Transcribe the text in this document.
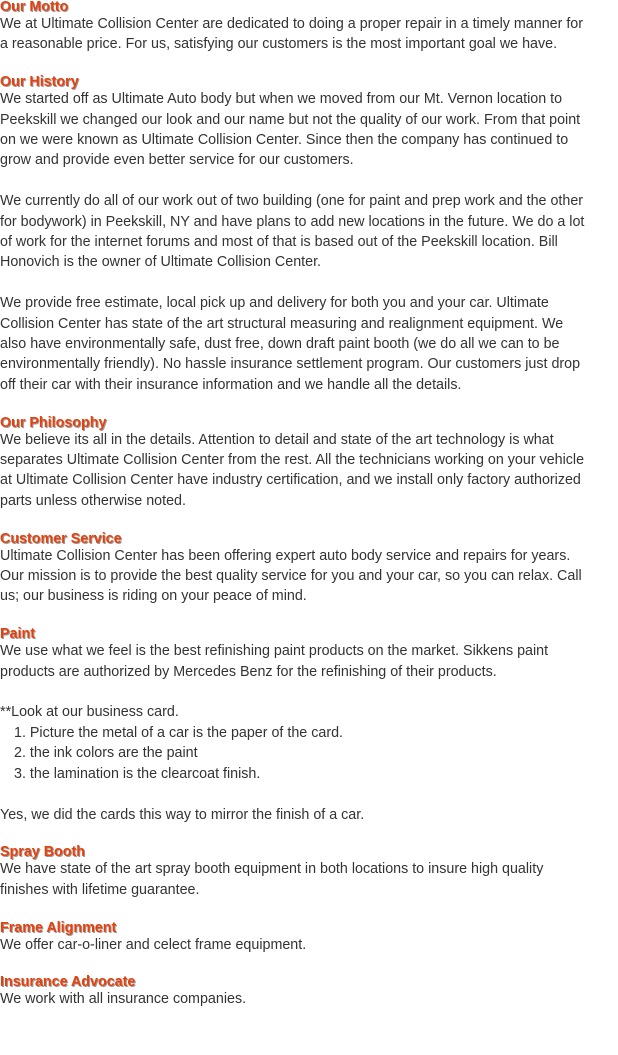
Our Motto

We at Ultimate Collision Center are dedicated to doing a proper repair in a timely manner for
a reasonable price. For us, satisfying our customers is the most important goal we have.

Our History

We started off as Ultimate Auto body but when we moved from our Mt. Vernon location to
Peekskill we changed our look and our name but not the quality of our work. From that point
on we were known as Ultimate Collision Center. Since then the company has continued to
grow and provide even better service for our customers.

We currently do all of our work out of two building (one for paint and prep work and the other
for bodywork) in Peekskill, NY and have plans to add new locations in the future. We do a lot
of work for the internet forums and most of that is based out of the Peekskill location. Bill
Honovich is the owner of Ultimate Collision Center.

We provide free estimate, local pick up and delivery for both you and your car. Ultimate
Collision Center has state of the art structural measuring and realignment equipment. We
also have environmentally safe, dust free, down draft paint booth (we do all we can to be
environmentally friendly). No hassle insurance settlement program. Our customers just drop
off their car with their insurance information and we handle all the details.

Our Philosophy

We believe its all in the details. Attention to detail and state of the art technology is what
separates Ultimate Collision Center from the rest. All the technicians working on your vehicle
at Ultimate Collision Center have industry certification, and we install only factory authorized
parts unless otherwise noted.

Customer Service

Ultimate Collision Center has been offering expert auto body service and repairs for years.
Our mission is to provide the best quality service for you and your car, so you can relax. Call
us; our business is riding on your peace of mind.

Paint

We use what we feel is the best refinishing paint products on the market. Sikkens paint
products are authorized by Mercedes Benz for the refinishing of their products.

**Look at our business card.

1. Picture the metal of a car is the paper of the card.

2. the ink colors are the paint

3. the lamination is the clearcoat finish.

Yes, we did the cards this way to mirror the finish of a car.

Spray Booth

We have state of the art spray booth equipment in both locations to insure high quality
finishes with lifetime guarantee.

Frame Alignment

We offer car-o-liner and celect frame equipment.

Insurance Advocate

We work with all insurance companies.
